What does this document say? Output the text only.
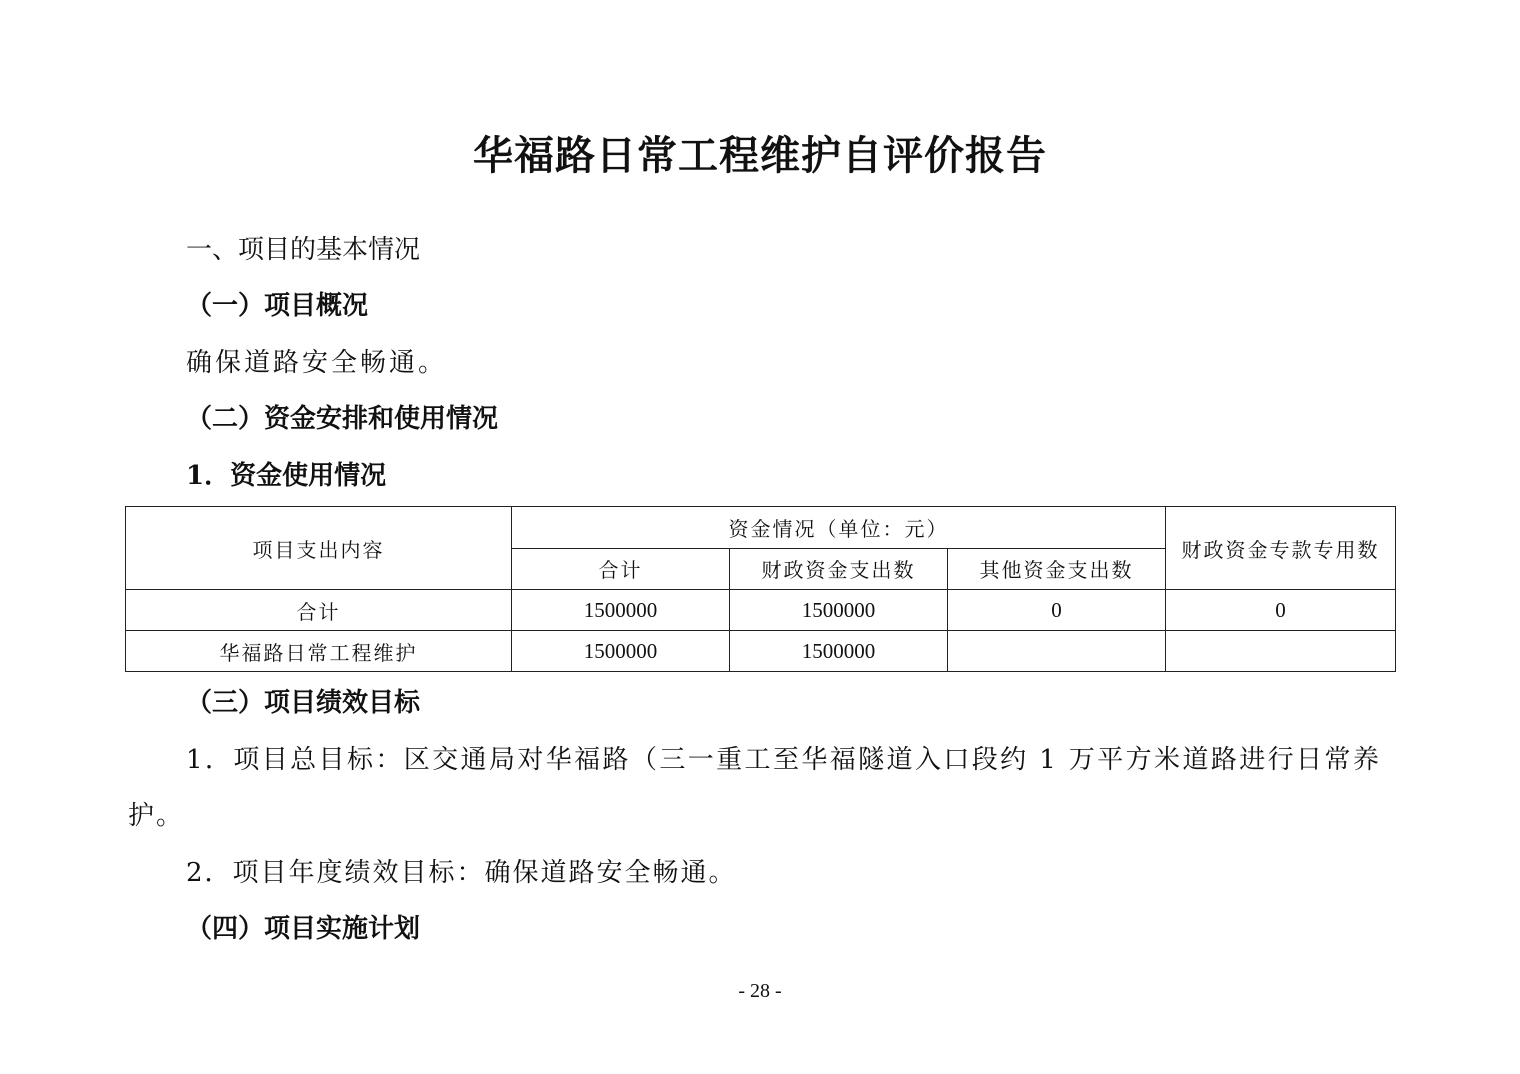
华福路日常工程维护自评价报告

一、项目的基本情况

（一）项目概况

确保道路安全畅通。

（二）资金安排和使用情况

1．资金使用情况

项目支出内容	资金情况（单位：元）			财政资金专款专用数
	合计	财政资金支出数	其他资金支出数	
合计	1500000	1500000	0	0
华福路日常工程维护	1500000	1500000		

（三）项目绩效目标

1．项目总目标：区交通局对华福路（三一重工至华福隧道入口段约 1 万平方米道路进行日常养

护。

2．项目年度绩效目标：确保道路安全畅通。

（四）项目实施计划

- 28 -
